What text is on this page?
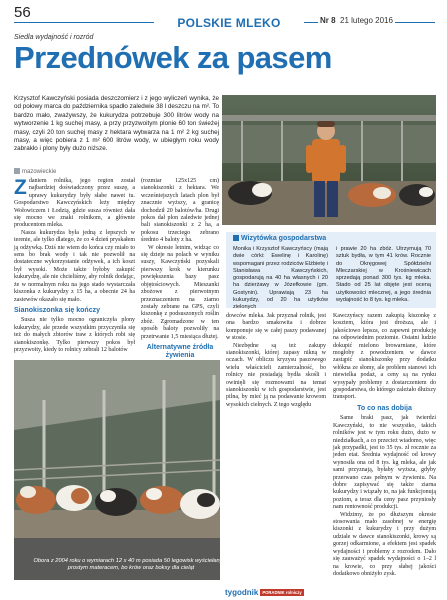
56
POLSKIE MLEKO	Nr 8 21 lutego 2016
Siedla wydajność i rozród
Przednówek za pasem

Krzysztof Kawczyński posiada deszczomierz i z jego wyliczeń wynika, że od połowy marca do października spadło zaledwie 38 l deszczu na m². To bardzo mało, zważywszy, że kukurydza potrzebuje 300 litrów wody na wytworzenie 1 kg suchej masy, a przy przyzwoitym plonie 60 ton świeżej masy, czyli 20 ton suchej masy z hektara wytwarza na 1 m² 2 kg suchej masy, a więc pobiera z 1 m² 600 litrów wody, w ubiegłym roku wody zabrakło i plony były dużo niższe.

mazowieckie

Zdaniem rolnika, jego region został najbardziej doświadczony przez suszę, a uprawy kukurydzy były słabe nawet tu. Gospodarstwo Kawczyńskich leży między Wołowiczem i Łodzią, gdzie susza również dała się mocno we znaki rolnikom, a głównie producentom mleka.

Nasza kukurydza była jedną z lepszych w terenie, ale tylko dlatego, że co 4 dzień pryskałem ją odżywką. Dziś nie wiem do końca czy miało to sens bo brak wody i tak nie pozwolił na dostateczne wykorzystanie odżywek, a ich koszt był wysoki. Może także byłoby zakupić kukurydzę, ale nie chcieliśmy, aby rolnik dodając, że w normalnym roku na jego stado wystarczała kiszonka z kukurydzy z 15 ha, a obecnie 24 ha zasiewów okazało się mało.

Sianokiszonka się kończy

Susza nie tylko mocno ograniczyła plony kukurydzy, ale przede wszystkim przyczyniła się też do małych zbiorów traw z których robi się sianokiszonkę. Tylko pierwszy pokos był przyzwoity, kiedy to rolnicy zebrali 12 balotów

(rozmiar 125x125 cm) sianokiszonki z hektara. We wcześniejszych latach plon był znacznie wyższy, a granicę dochodził 20 balotów/ha. Drugi pokos dał plon zaledwie jednej bali sianokiszonki z 2 ha, a pokosu trzeciego zebrano średnio 4 baloty z ha.

W okresie letnim, widząc co się dzieje na polach w wyniku suszy, Kawczyński pozyskali pierwszy krok w kierunku powiększenia bazy pasz objętościowych. Mieszanki zbożowe z pierwotnym przeznaczeniem na ziarno zostały zebrane na GPS, czyli kiszonkę z podsuszonych roślin zbóż. Zgromadzone w ten sposób baloty pozwoliły na przetrwanie 1,5 miesiąca dłużej.

Alternatywne źródła żywienia

Wizytówka gospodarstwa

Monika i Krzysztof Kawczyńscy (mają dwie córki: Ewelinę i Karolinę) wspomagani przez rodziców Elżbietę i Stanisława Kawczyńskich, gospodarują na 40 ha własnych i 20 ha dzierżawy w Józefkowie (gm. Gostynin). Uprawiają 23 ha kukurydzy, od 20 ha użytków zielonych

i prawie 20 ha zbóż. Utrzymują 70 sztuk bydła, w tym 41 krów. Rocznie do Okręgowej Spółdzielni Mleczarskiej w Krośniewicach sprzedają ponad 300 tys. kg mleka. Stado od 25 lat objęte jest oceną użytkowości mlecznej, a jego średnia wydajność to 8 tys. kg mleka.

dowców mleka. Jak przyznał rolnik, jest ona bardzo smakowita i dobrze komponuje się w całej paszy podawanej w stosie.

Niezbędne są też zakupy sianokiszonki, której zapasy nikną w oczach. W obliczu kryzysu paszowego wielu właścicieli zamierzalność, bo rolnicy nie posiadają bydła skośli i owinięli się rozmowami na temat sianokiszonki w ich gospodarstwie, jest pilna, by mieć ją na podawanie krowom wysokich cielnych. Z tego względu

Kawczyńscy razem zakupią kiszonkę z kosztem, która jest droższa, ale i jakościowo lepsza, co zapewni produkcję na odpowiednim poziomie. Ostatni ludzie dokupić mielono browarniane, które mogłoby z powodzeniem w dawce zastąpić sianokiszonkę przy dodatku włókna ze słomy, ale problem stanowi ich niewielka podaż, a ceny są na rynku wysypały problemy z dostarczeniem do gospodarstwa, do którego zależało dłuższy transport.

To co nas dobija

Same braki pasz, jak twierdzi Kawczyński, to nie wszystko, takich rolników jest w tym roku dużo, dużo w niedziałkach, a co przecież wiadomo, więc jak przypadki, jest to 35 tys. zł rocznie za jeden etat. Średnia wydajność od krowy wynosiła ona od 8 tys. kg mleka, ale jak sami przyznają, byłaby wyższa, gdyby przerwano czas pełnym w żywieniu. Na dobre zapisywać się także ziarna kukurydzy i wiązały to, na jak funkcjonują poziom, a teraz dla ceny pasz przyniosły nam rentowność produkcji.

Widzimy, że po dłuższym okresie stosowania mało zasobnej w energię kiszonki z kukurydzy i przy dużym udziale w dawce sianokiszonki, krowy są gorzej odkarmione, a efektem jest spadek wydajności i problemy z rozrodem. Dało się zauważyć spadek wydajności o 1–2 l na krowie, co przy słabej jakości dodatkowo obniżyło zysk.

Obora z 2004 roku o wymiarach 12 x 40 m posiada 50 legowisk wyściełanych prostym materacem, bo krów oraz boksy dla cieląt
tygodnik PORADNIK rolniczy
